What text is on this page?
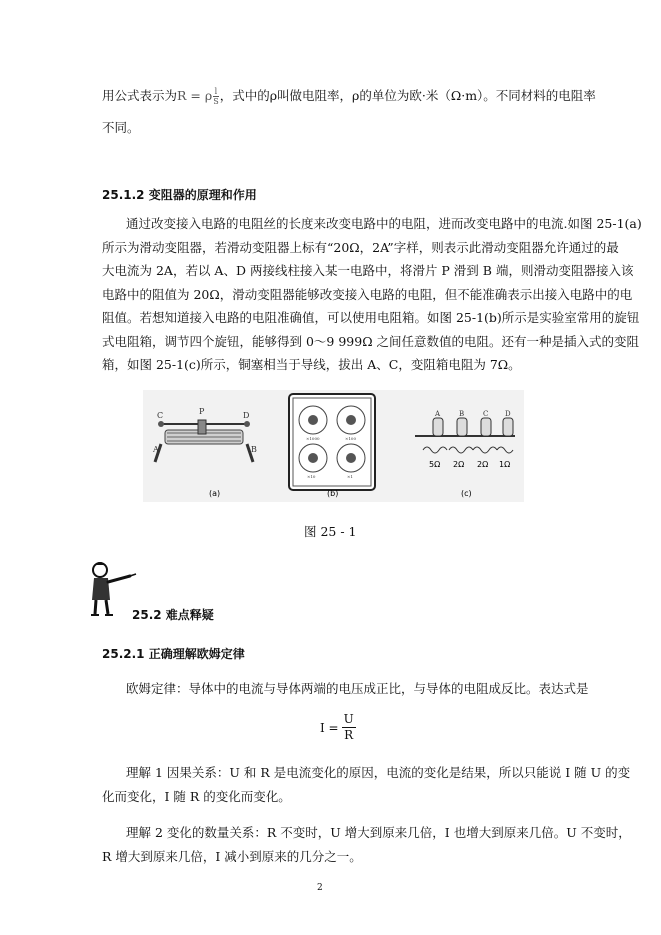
用公式表示为R = ρ $\frac{l}{S}$ ，式中的ρ叫做电阻率，ρ的单位为欧·米（Ω·m）。不同材料的电阻率
不同。
25.1.2 变阻器的原理和作用
通过改变接入电路的电阻丝的长度来改变电路中的电阻，进而改变电路中的电流.如图 25-1(a)
所示为滑动变阻器，若滑动变阻器上标有“20Ω，2A”字样，则表示此滑动变阻器允许通过的最
大电流为 2A，若以 A、D 两接线柱接入某一电路中，将滑片 P 滑到 B 端，则滑动变阻器接入该
电路中的阻值为 20Ω，滑动变阻器能够改变接入电路的电阻，但不能准确表示出接入电路中的电
阻值。若想知道接入电路的电阻准确值，可以使用电阻箱。如图 25-1(b)所示是实验室常用的旋钮
式电阻箱，调节四个旋钮，能够得到 0～9 999Ω 之间任意数值的电阻。还有一种是插入式的变阻
箱，如图 25-1(c)所示，铜塞相当于导线，拔出 A、C，变阻箱电阻为 7Ω。
C	P	D
A	B
×1000	×100
×10	×1
A	B	C D
5Ω 2Ω 2Ω 1Ω
(a)	(b)	(c)
图 25 - 1
25.2 难点释疑
25.2.1 正确理解欧姆定律
欧姆定律：导体中的电流与导体两端的电压成正比，与导体的电阻成反比。表达式是
$I = \frac{U}{R}$
理解 1 因果关系：U 和 R 是电流变化的原因，电流的变化是结果，所以只能说 I 随 U 的变
化而变化，I 随 R 的变化而变化。
理解 2 变化的数量关系：R 不变时，U 增大到原来几倍，I 也增大到原来几倍。U 不变时，
R 增大到原来几倍，I 减小到原来的几分之一。
2
